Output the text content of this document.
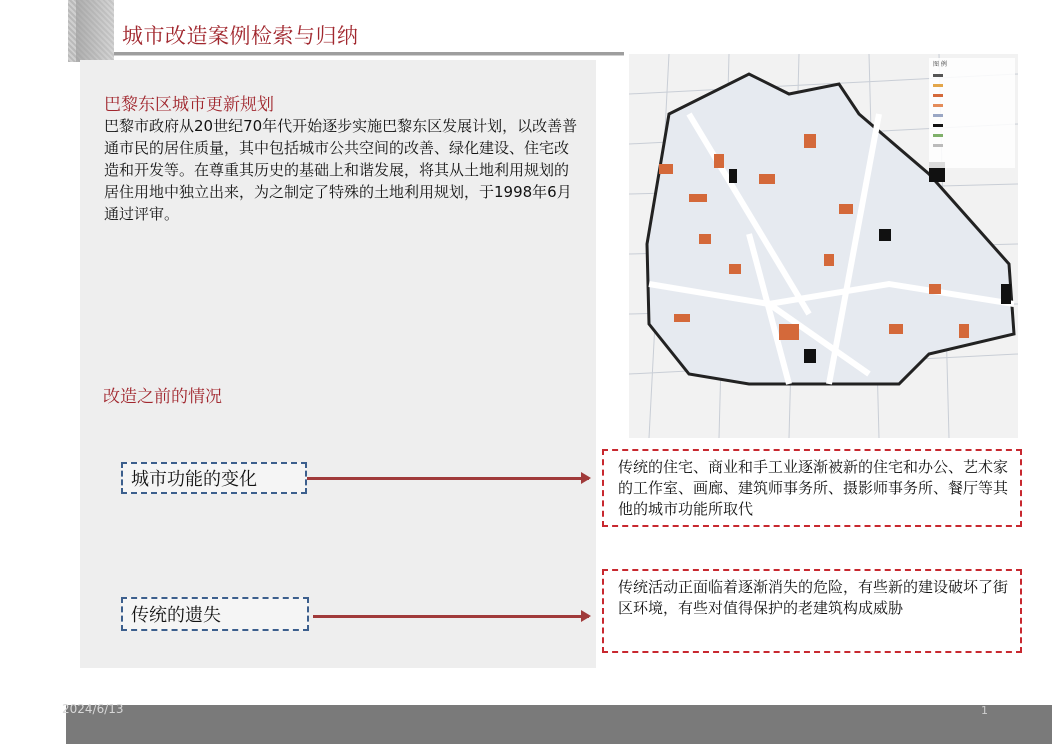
城市改造案例检索与归纳
巴黎东区城市更新规划
巴黎市政府从20世纪70年代开始逐步实施巴黎东区发展计划，以改善普通市民的居住质量，其中包括城市公共空间的改善、绿化建设、住宅改造和开发等。在尊重其历史的基础上和谐发展，将其从土地利用规划的居住用地中独立出来，为之制定了特殊的土地利用规划，于1998年6月通过评审。
改造之前的情况
城市功能的变化
传统的遗失
传统的住宅、商业和手工业逐渐被新的住宅和办公、艺术家的工作室、画廊、建筑师事务所、摄影师事务所、餐厅等其他的城市功能所取代
传统活动正面临着逐渐消失的危险，有些新的建设破坏了街区环境，有些对值得保护的老建筑构成威胁
图 例
2024/6/13	1
